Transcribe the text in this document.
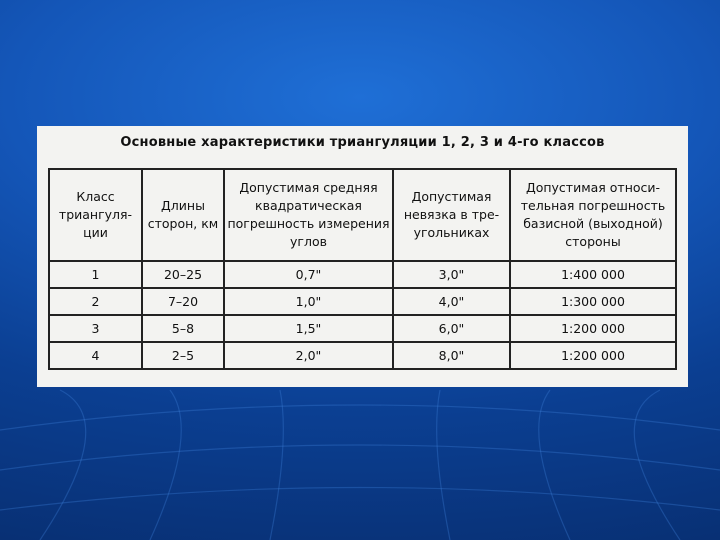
Основные характеристики триангуляции 1, 2, 3 и 4-го классов
Класс триангуля-ции	Длины сторон, км	Допустимая средняя квадратическая погрешность измерения углов	Допустимая невязка в тре-угольниках	Допустимая относи-тельная погрешность базисной (выходной) стороны
1	20–25	0,7"	3,0"	1:400 000
2	7–20	1,0"	4,0"	1:300 000
3	5–8	1,5"	6,0"	1:200 000
4	2–5	2,0"	8,0"	1:200 000
